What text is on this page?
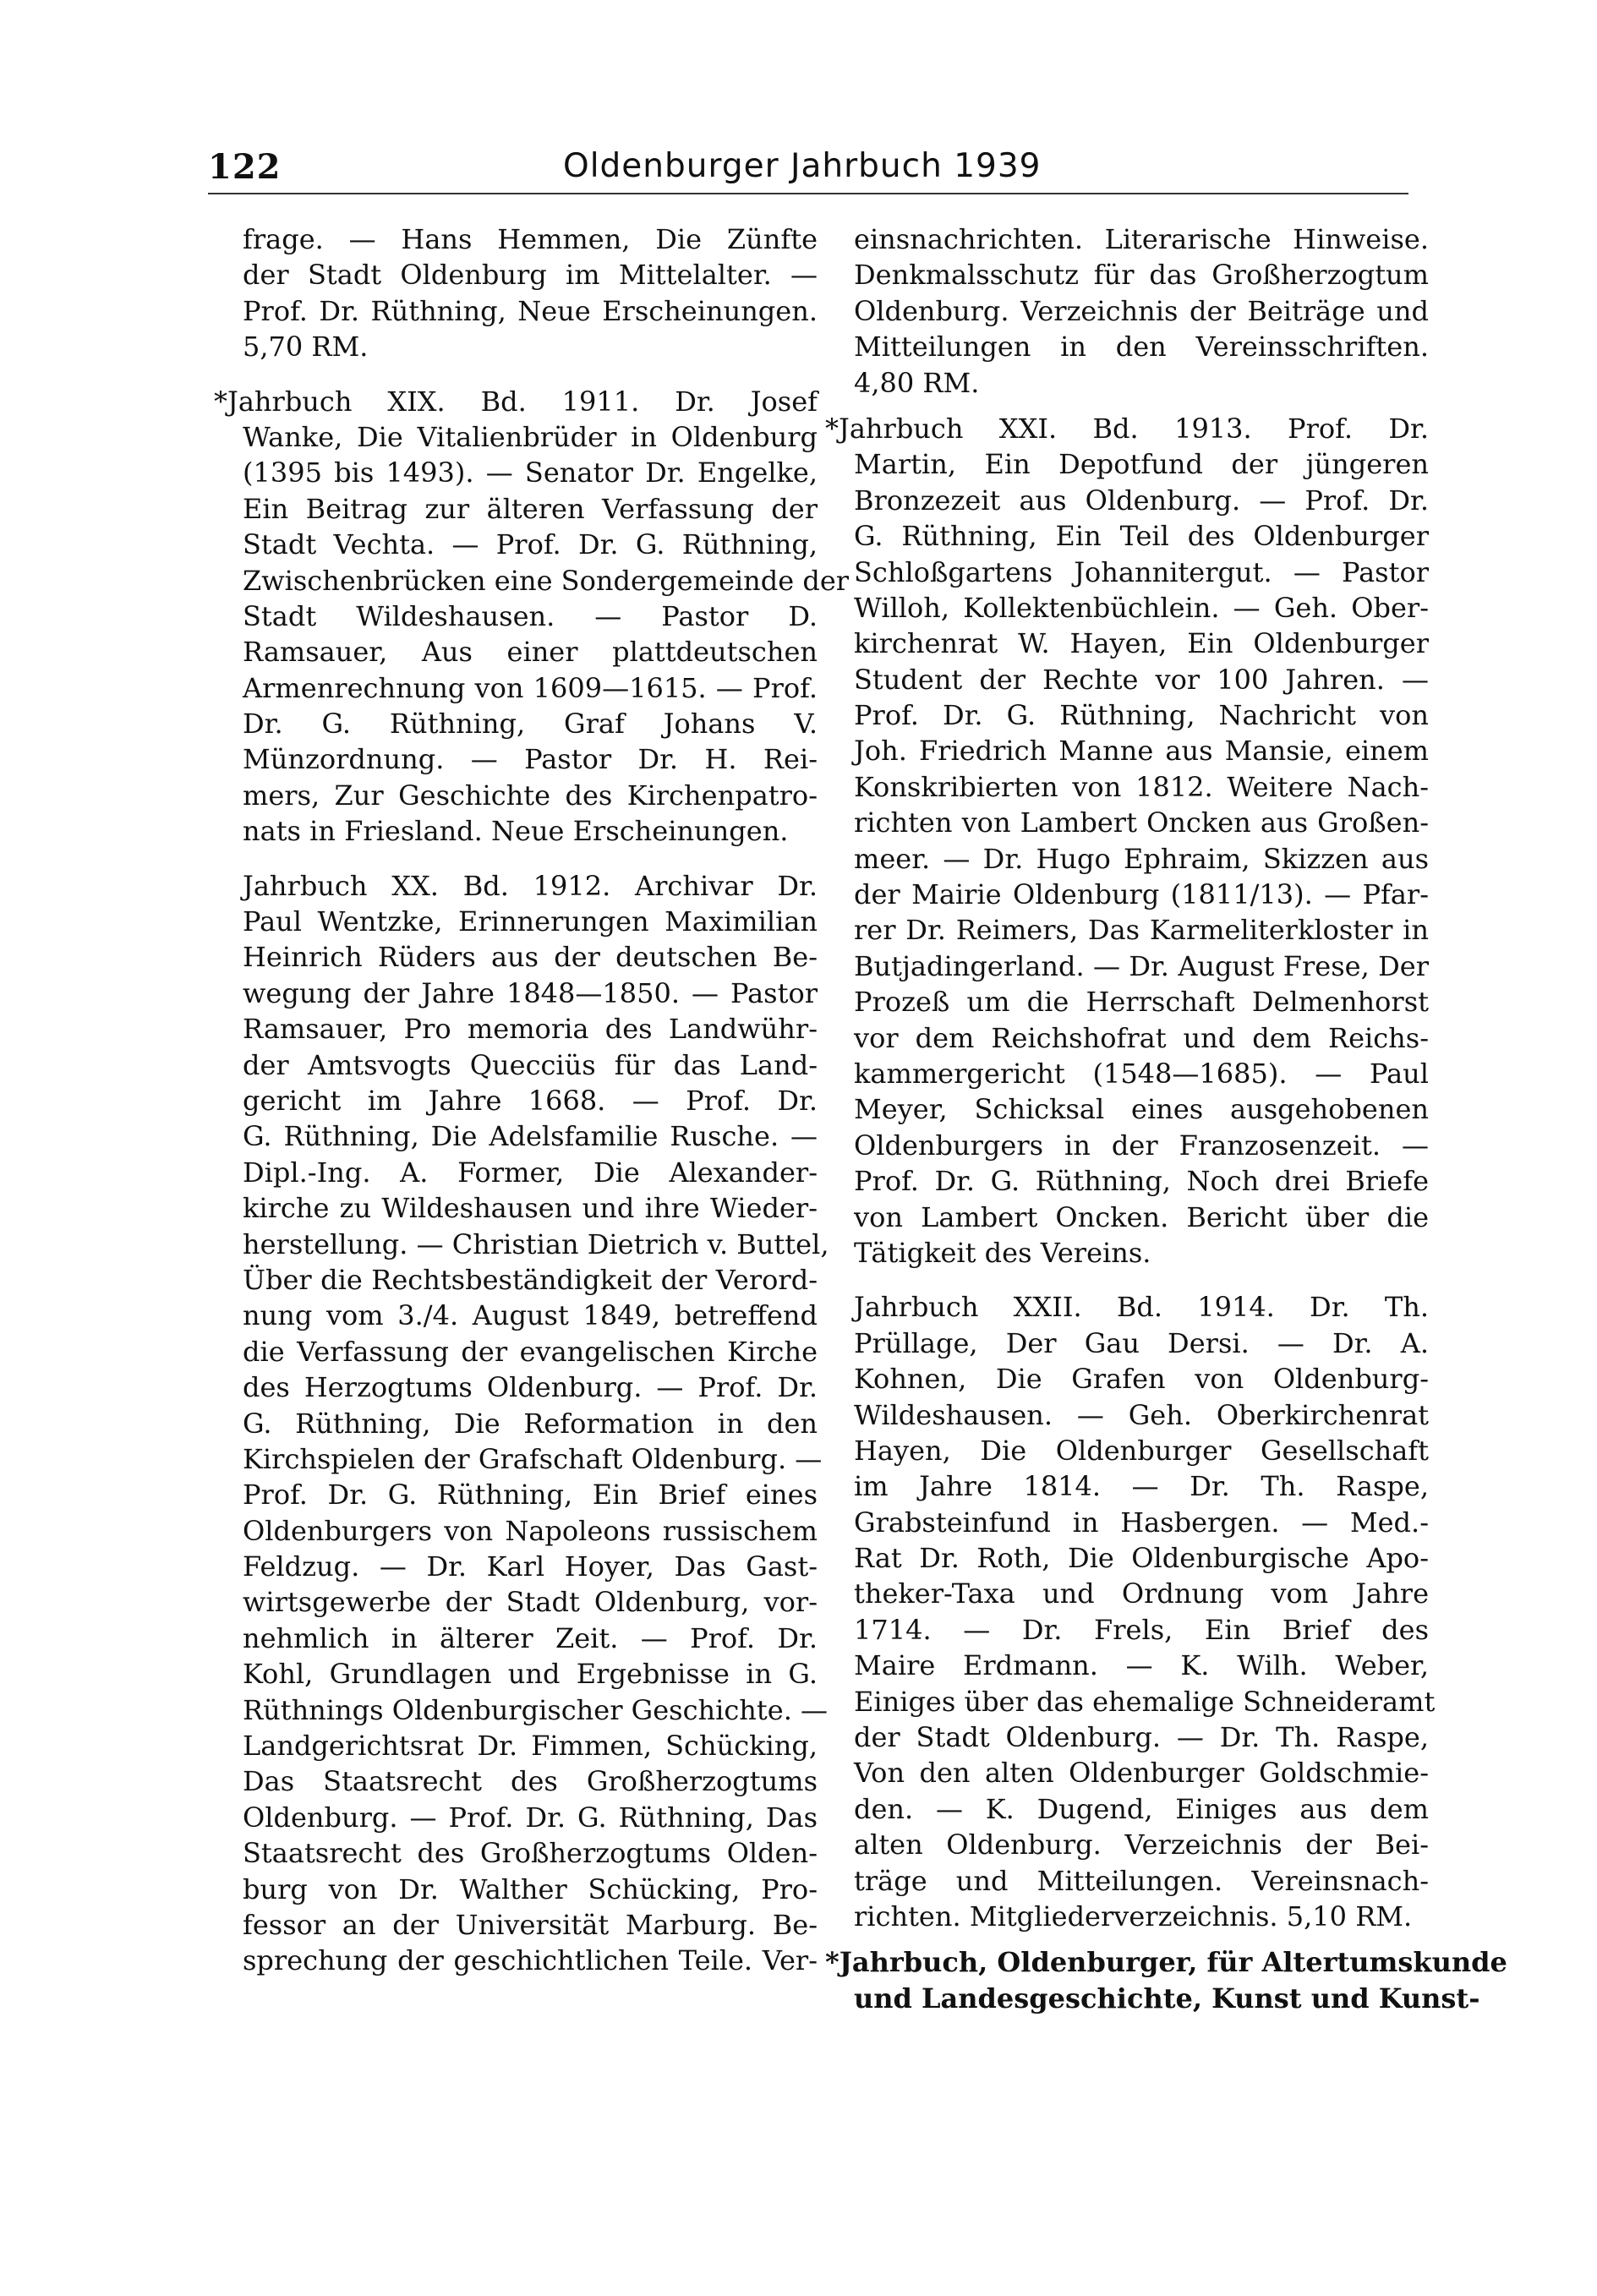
122	Oldenburger Jahrbuch 1939
frage. — Hans Hemmen, Die Zünfte
der Stadt Oldenburg im Mittelalter. —
Prof. Dr. Rüthning, Neue Erscheinungen.
5,70 RM.
*Jahrbuch XIX. Bd. 1911. Dr. Josef
Wanke, Die Vitalienbrüder in Oldenburg
(1395 bis 1493). — Senator Dr. Engelke,
Ein Beitrag zur älteren Verfassung der
Stadt Vechta. — Prof. Dr. G. Rüthning,
Zwischenbrücken eine Sondergemeinde der
Stadt Wildeshausen. — Pastor D.
Ramsauer, Aus einer plattdeutschen
Armenrechnung von 1609—1615. — Prof.
Dr. G. Rüthning, Graf Johans V.
Münzordnung. — Pastor Dr. H. Rei-
mers, Zur Geschichte des Kirchenpatro-
nats in Friesland. Neue Erscheinungen.
Jahrbuch XX. Bd. 1912. Archivar Dr.
Paul Wentzke, Erinnerungen Maximilian
Heinrich Rüders aus der deutschen Be-
wegung der Jahre 1848—1850. — Pastor
Ramsauer, Pro memoria des Landwühr-
der Amtsvogts Quecciüs für das Land-
gericht im Jahre 1668. — Prof. Dr.
G. Rüthning, Die Adelsfamilie Rusche. —
Dipl.-Ing. A. Former, Die Alexander-
kirche zu Wildeshausen und ihre Wieder-
herstellung. — Christian Dietrich v. Buttel,
Über die Rechtsbeständigkeit der Verord-
nung vom 3./4. August 1849, betreffend
die Verfassung der evangelischen Kirche
des Herzogtums Oldenburg. — Prof. Dr.
G. Rüthning, Die Reformation in den
Kirchspielen der Grafschaft Oldenburg. —
Prof. Dr. G. Rüthning, Ein Brief eines
Oldenburgers von Napoleons russischem
Feldzug. — Dr. Karl Hoyer, Das Gast-
wirtsgewerbe der Stadt Oldenburg, vor-
nehmlich in älterer Zeit. — Prof. Dr.
Kohl, Grundlagen und Ergebnisse in G.
Rüthnings Oldenburgischer Geschichte. —
Landgerichtsrat Dr. Fimmen, Schücking,
Das Staatsrecht des Großherzogtums
Oldenburg. — Prof. Dr. G. Rüthning, Das
Staatsrecht des Großherzogtums Olden-
burg von Dr. Walther Schücking, Pro-
fessor an der Universität Marburg. Be-
sprechung der geschichtlichen Teile. Ver-
einsnachrichten. Literarische Hinweise.
Denkmalsschutz für das Großherzogtum
Oldenburg. Verzeichnis der Beiträge und
Mitteilungen in den Vereinsschriften.
4,80 RM.
*Jahrbuch XXI. Bd. 1913. Prof. Dr.
Martin, Ein Depotfund der jüngeren
Bronzezeit aus Oldenburg. — Prof. Dr.
G. Rüthning, Ein Teil des Oldenburger
Schloßgartens Johannitergut. — Pastor
Willoh, Kollektenbüchlein. — Geh. Ober-
kirchenrat W. Hayen, Ein Oldenburger
Student der Rechte vor 100 Jahren. —
Prof. Dr. G. Rüthning, Nachricht von
Joh. Friedrich Manne aus Mansie, einem
Konskribierten von 1812. Weitere Nach-
richten von Lambert Oncken aus Großen-
meer. — Dr. Hugo Ephraim, Skizzen aus
der Mairie Oldenburg (1811/13). — Pfar-
rer Dr. Reimers, Das Karmeliterkloster in
Butjadingerland. — Dr. August Frese, Der
Prozeß um die Herrschaft Delmenhorst
vor dem Reichshofrat und dem Reichs-
kammergericht (1548—1685). — Paul
Meyer, Schicksal eines ausgehobenen
Oldenburgers in der Franzosenzeit. —
Prof. Dr. G. Rüthning, Noch drei Briefe
von Lambert Oncken. Bericht über die
Tätigkeit des Vereins.
Jahrbuch XXII. Bd. 1914. Dr. Th.
Prüllage, Der Gau Dersi. — Dr. A.
Kohnen, Die Grafen von Oldenburg-
Wildeshausen. — Geh. Oberkirchenrat
Hayen, Die Oldenburger Gesellschaft
im Jahre 1814. — Dr. Th. Raspe,
Grabsteinfund in Hasbergen. — Med.-
Rat Dr. Roth, Die Oldenburgische Apo-
theker-Taxa und Ordnung vom Jahre
1714. — Dr. Frels, Ein Brief des
Maire Erdmann. — K. Wilh. Weber,
Einiges über das ehemalige Schneideramt
der Stadt Oldenburg. — Dr. Th. Raspe,
Von den alten Oldenburger Goldschmie-
den. — K. Dugend, Einiges aus dem
alten Oldenburg. Verzeichnis der Bei-
träge und Mitteilungen. Vereinsnach-
richten. Mitgliederverzeichnis. 5,10 RM.
*Jahrbuch, Oldenburger, für Altertumskunde
und Landesgeschichte, Kunst und Kunst-
